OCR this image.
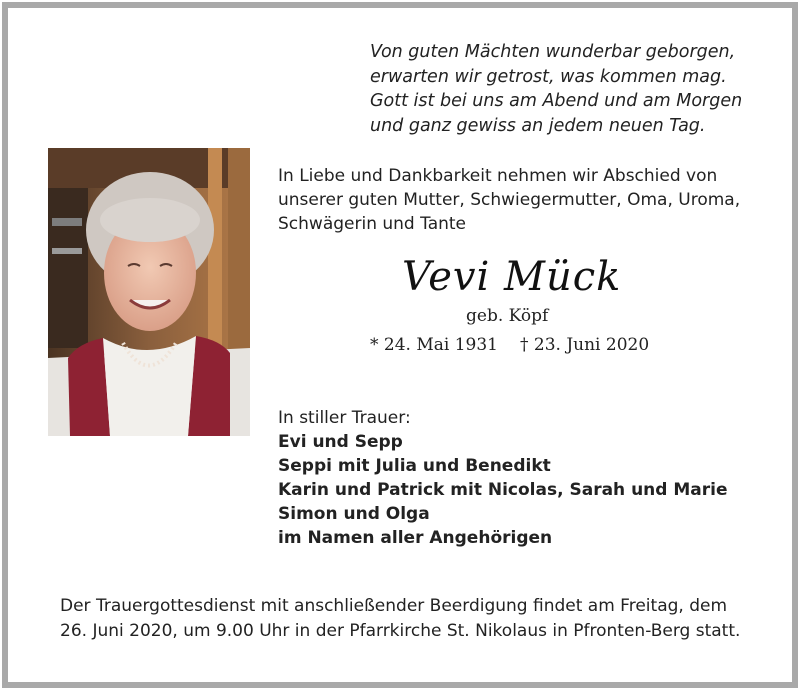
Von guten Mächten wunderbar geborgen,
erwarten wir getrost, was kommen mag.
Gott ist bei uns am Abend und am Morgen
und ganz gewiss an jedem neuen Tag.
In Liebe und Dankbarkeit nehmen wir Abschied von
unserer guten Mutter, Schwiegermutter, Oma, Uroma,
Schwägerin und Tante
Vevi Mück
geb. Köpf
* 24. Mai 1931 † 23. Juni 2020
In stiller Trauer:
Evi und Sepp
Seppi mit Julia und Benedikt
Karin und Patrick mit Nicolas, Sarah und Marie
Simon und Olga
im Namen aller Angehörigen
Der Trauergottesdienst mit anschließender Beerdigung findet am Freitag, dem
26. Juni 2020, um 9.00 Uhr in der Pfarrkirche St. Nikolaus in Pfronten-Berg statt.
